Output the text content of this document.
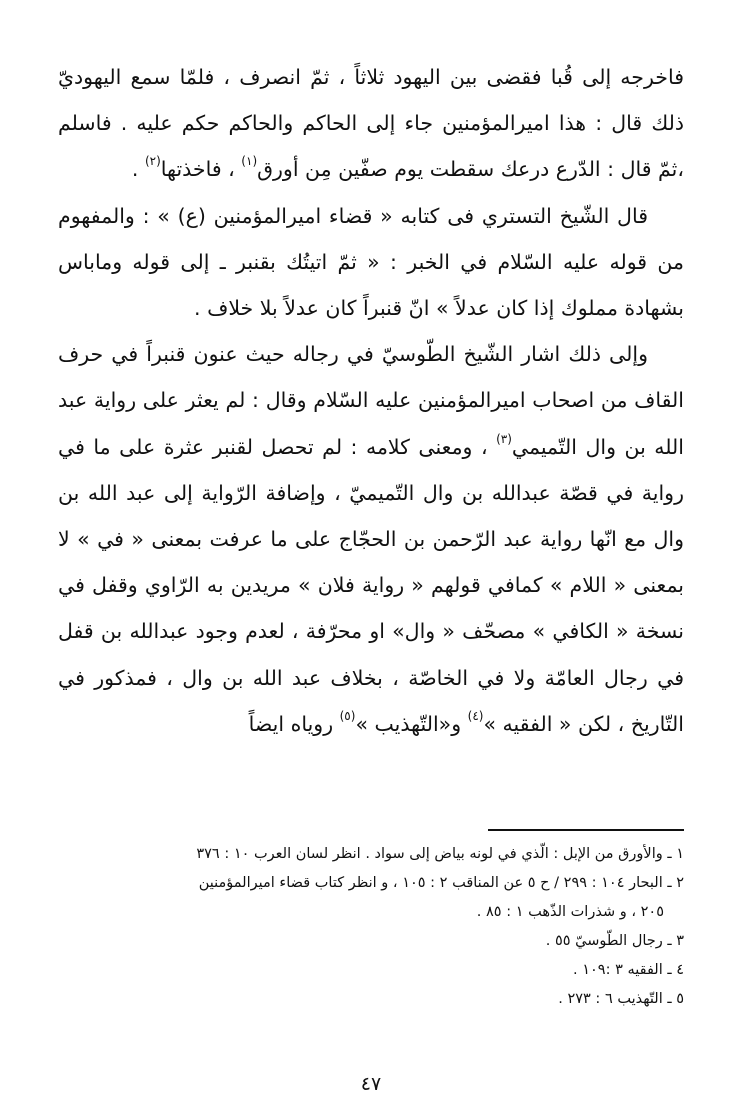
فاخرجه إلى قُبا فقضى بين اليهود ثلاثاً ، ثمّ انصرف ، فلمّا سمع اليهوديّ ذلك قال : هذا اميرالمؤمنين جاء إلى الحاكم والحاكم حكم عليه . فاسلم ،ثمّ قال : الدّرع درعك سقطت يوم صفّين مِن أورق$^{(١)}$ ، فاخذتها$^{(٢)}$ .

قال الشّيخ التستري فى كتابه « قضاء اميرالمؤمنين (ع) » : والمفهوم من قوله عليه السّلام في الخبر : « ثمّ اتيتُك بقنبر ـ إلى قوله وماباس بشهادة مملوك إذا كان عدلاً » انّ قنبراً كان عدلاً بلا خلاف .

وإلى ذلك اشار الشّيخ الطّوسيّ في رجاله حيث عنون قنبراً في حرف القاف من اصحاب اميرالمؤمنين عليه السّلام وقال : لم يعثر على رواية عبد الله بن وال التّميمي$^{(٣)}$ ، ومعنى كلامه : لم تحصل لقنبر عثرة على ما في رواية في قصّة عبدالله بن وال التّميميّ ، وإضافة الرّواية إلى عبد الله بن وال مع انّها رواية عبد الرّحمن بن الحجّاج على ما عرفت بمعنى « في » لا بمعنى « اللام » كمافي قولهم « رواية فلان » مريدين به الرّاوي وقفل في نسخة « الكافي » مصحّف « وال» او محرّفة ، لعدم وجود عبدالله بن قفل في رجال العامّة ولا في الخاصّة ، بخلاف عبد الله بن وال ، فمذكور في التّاريخ ، لكن « الفقيه »$^{(٤)}$ و«التّهذيب »$^{(٥)}$ روياه ايضاً

١ ـ والأورق من الإبل : الّذي في لونه بياض إلى سواد . انظر لسان العرب ١٠ : ٣٧٦

٢ ـ البحار ١٠٤ : ٢٩٩ / ح ٥ عن المناقب ٢ : ١٠٥ ، و انظر كتاب قضاء اميرالمؤمنين

٢٠٥ ، و شذرات الذّهب ١ : ٨٥ .

٣ ـ رجال الطّوسيّ ٥٥ .

٤ ـ الفقيه ٣ :١٠٩ .

٥ ـ التّهذيب ٦ : ٢٧٣ .

٤٧
